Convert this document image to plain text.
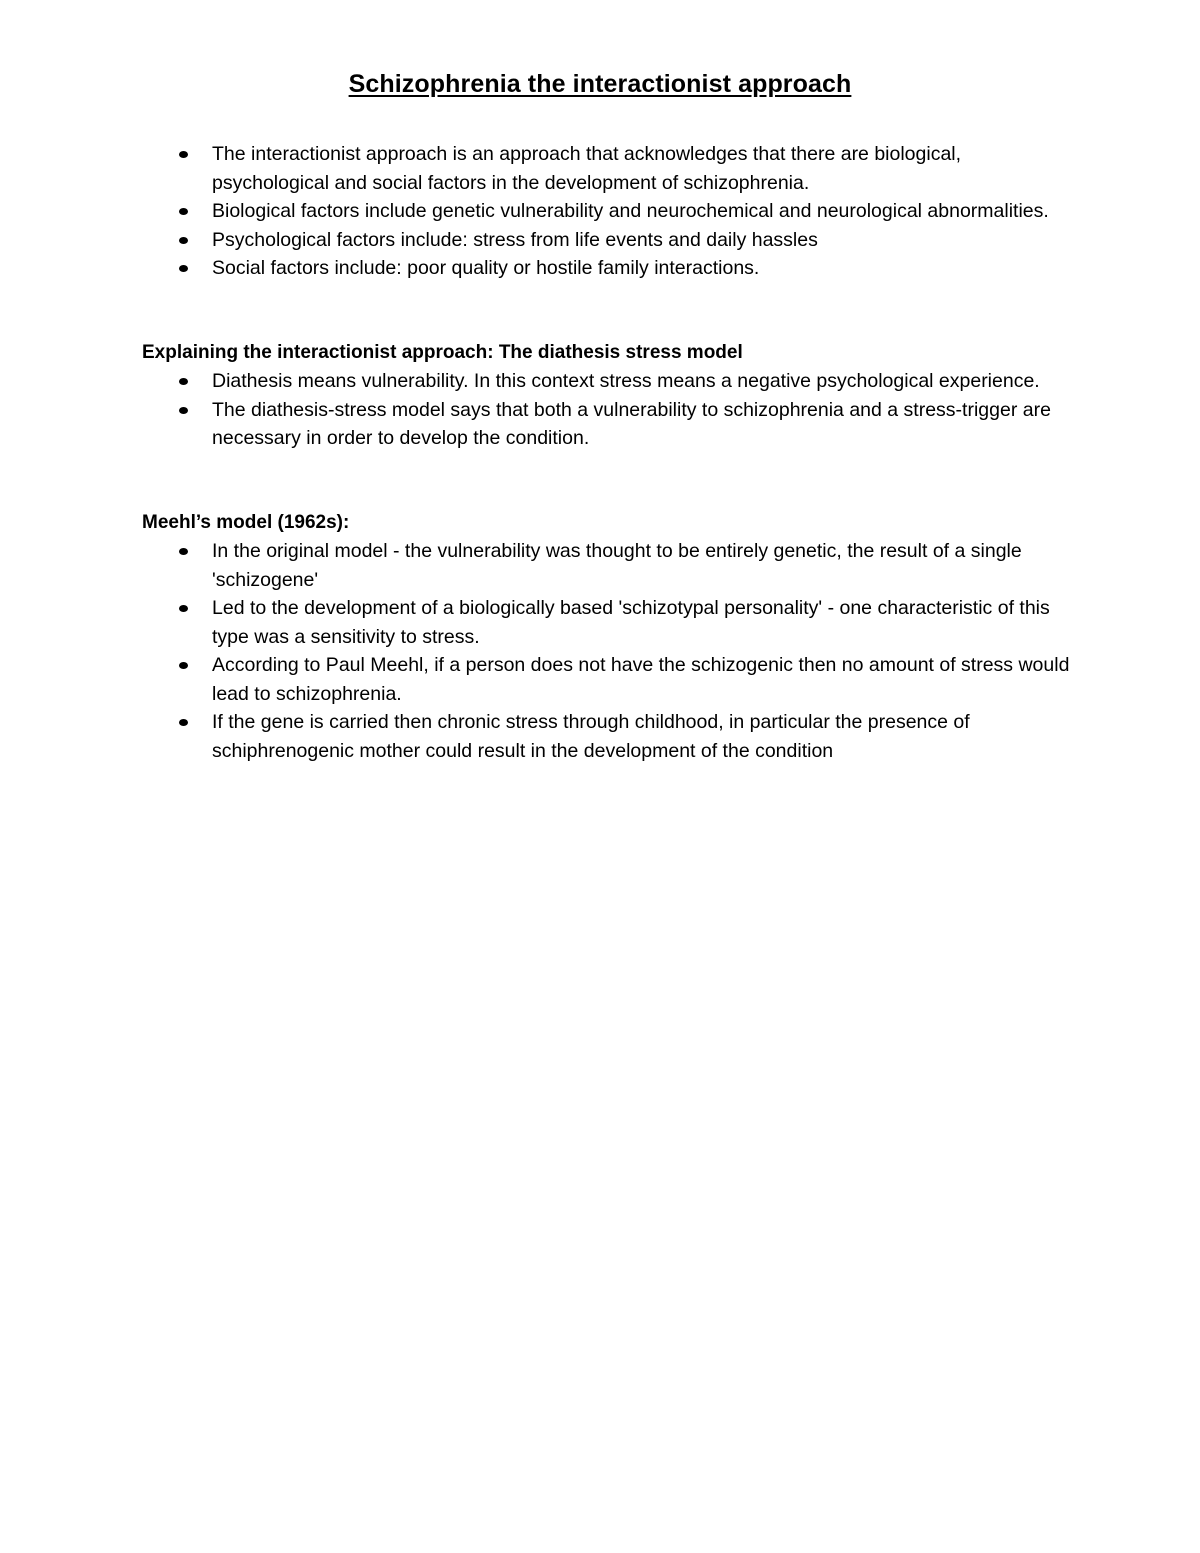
Schizophrenia the interactionist approach
The interactionist approach is an approach that acknowledges that there are biological, psychological and social factors in the development of schizophrenia.
Biological factors include genetic vulnerability and neurochemical and neurological abnormalities.
Psychological factors include: stress from life events and daily hassles
Social factors include: poor quality or hostile family interactions.

Explaining the interactionist approach: The diathesis stress model

Diathesis means vulnerability. In this context stress means a negative psychological experience.
The diathesis-stress model says that both a vulnerability to schizophrenia and a stress-trigger are necessary in order to develop the condition.

Meehl’s model (1962s):

In the original model - the vulnerability was thought to be entirely genetic, the result of a single 'schizogene'
Led to the development of a biologically based 'schizotypal personality' - one characteristic of this type was a sensitivity to stress.
According to Paul Meehl, if a person does not have the schizogenic then no amount of stress would lead to schizophrenia.
If the gene is carried then chronic stress through childhood, in particular the presence of schiphrenogenic mother could result in the development of the condition
